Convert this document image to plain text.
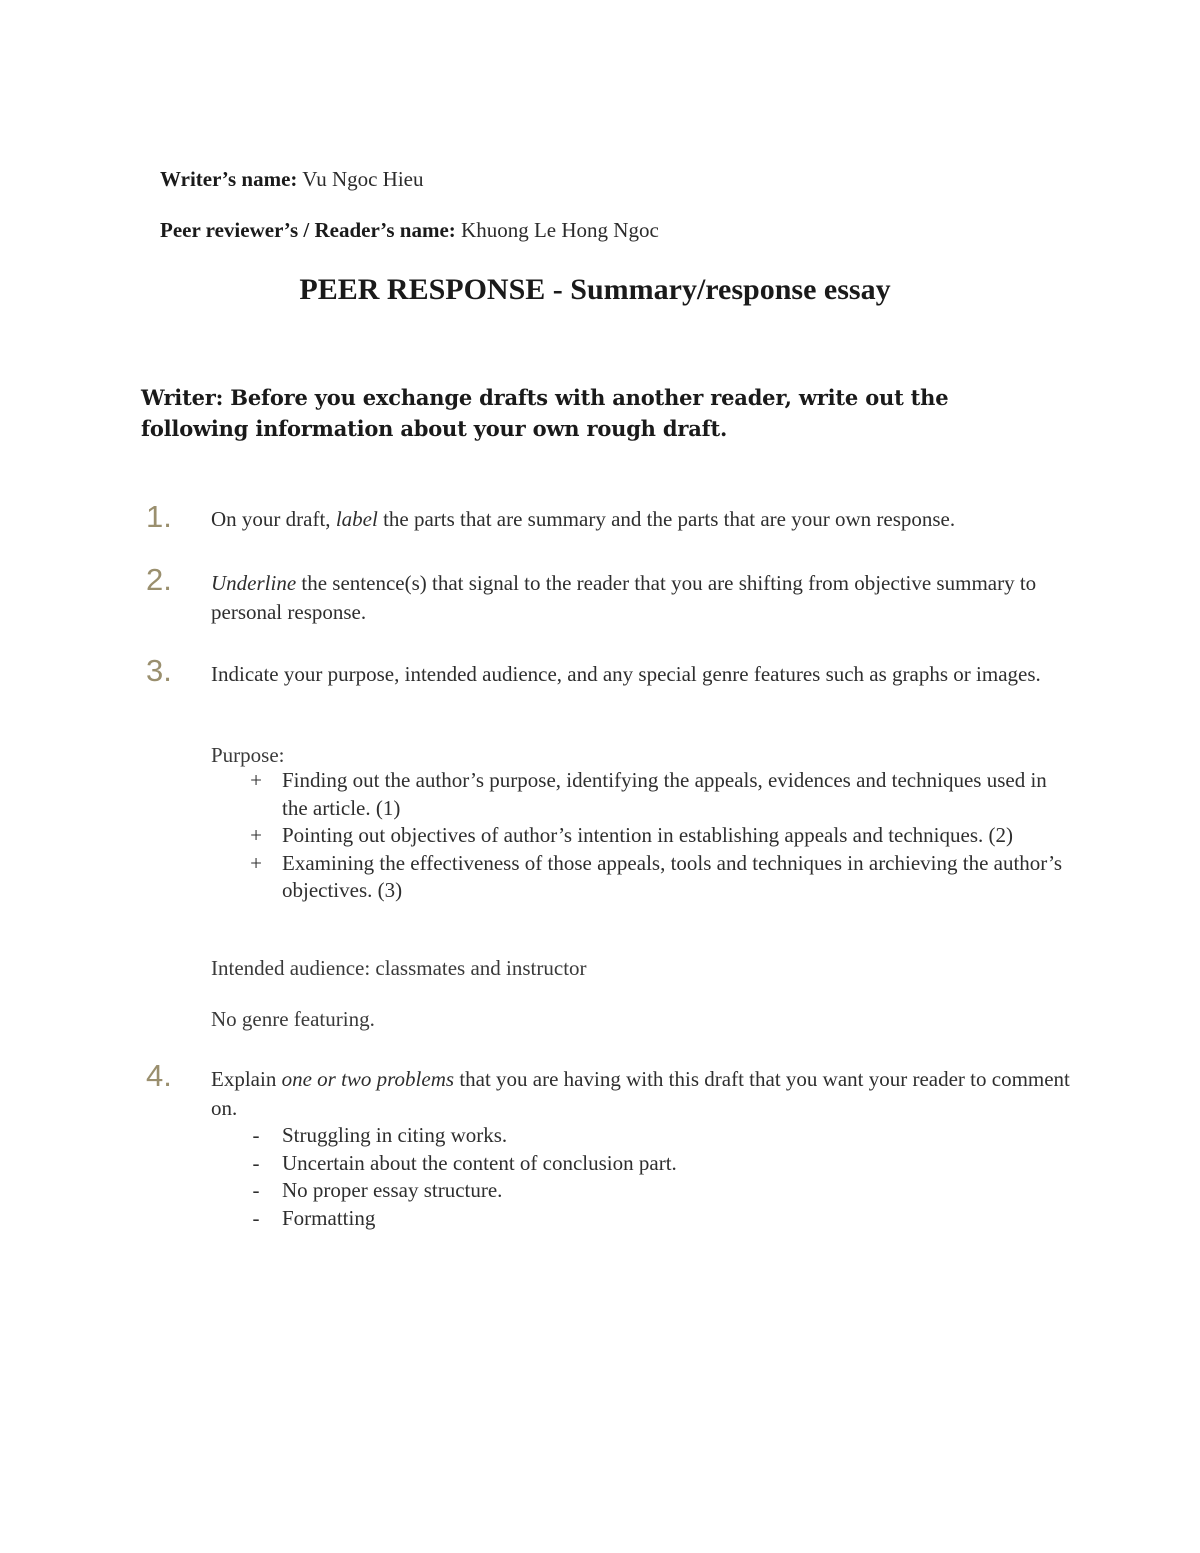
Writer’s name: Vu Ngoc Hieu
Peer reviewer’s / Reader’s name: Khuong Le Hong Ngoc
PEER RESPONSE - Summary/response essay
Writer: Before you exchange drafts with another reader, write out the following information about your own rough draft.
1. On your draft, label the parts that are summary and the parts that are your own response.
2. Underline the sentence(s) that signal to the reader that you are shifting from objective summary to personal response.
3. Indicate your purpose, intended audience, and any special genre features such as graphs or images.
Purpose:
+ Finding out the author’s purpose, identifying the appeals, evidences and techniques used in the article. (1)
+ Pointing out objectives of author’s intention in establishing appeals and techniques. (2)
+ Examining the effectiveness of those appeals, tools and techniques in archieving the author’s objectives. (3)
Intended audience: classmates and instructor
No genre featuring.
4. Explain one or two problems that you are having with this draft that you want your reader to comment on.
-	Struggling in citing works.
-	Uncertain about the content of conclusion part.
-	No proper essay structure.
-	Formatting
